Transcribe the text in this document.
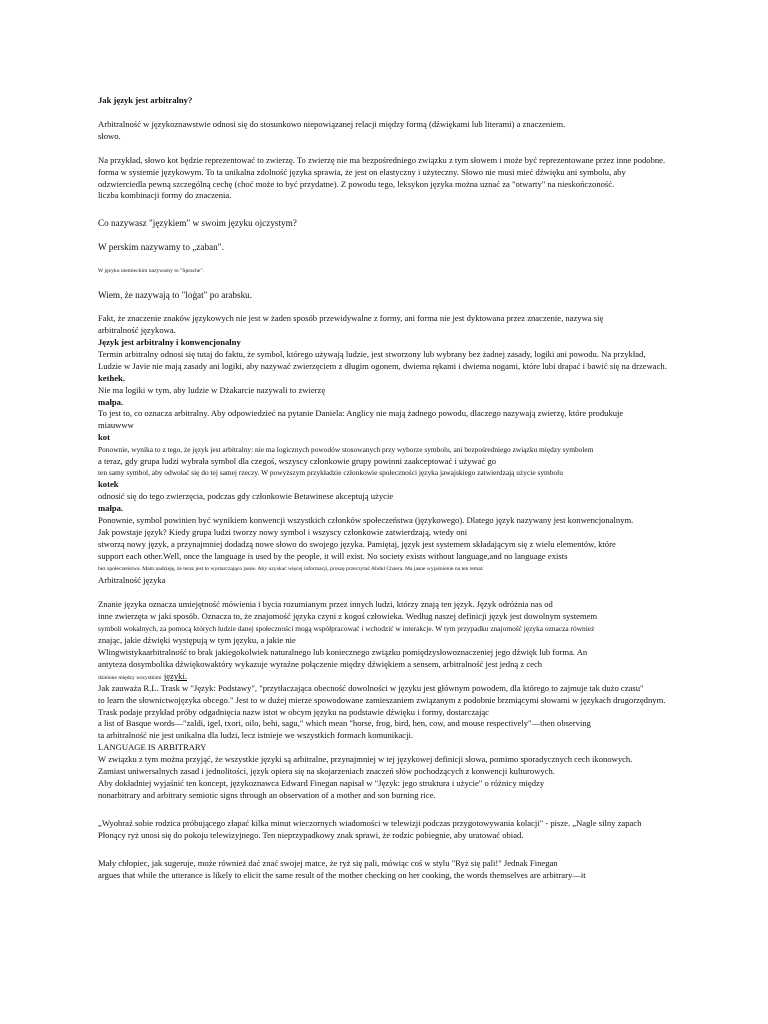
Jak język jest arbitralny?
Arbitralność w językoznawstwie odnosi się do stosunkowo niepowiązanej relacji między formą (dźwiękami lub literami) a znaczeniem.
słowo.
Na przykład, słowo kot będzie reprezentować to zwierzę. To zwierzę nie ma bezpośredniego związku z tym słowem i może być reprezentowane przez inne podobne.
forma w systemie językowym. To ta unikalna zdolność języka sprawia, że jest on elastyczny i użyteczny. Słowo nie musi mieć dźwięku ani symbolu, aby
odzwierciedla pewną szczególną cechę (choć może to być przydatne). Z powodu tego, leksykon języka można uznać za "otwarty" na nieskończoność.
liczba kombinacji formy do znaczenia.
Co nazywasz "językiem" w swoim języku ojczystym?
W perskim nazywamy to „zaban".
W języku niemieckim nazywamy to "Sprache".
Wiem, że nazywają to "loġat" po arabsku.
Fakt, że znaczenie znaków językowych nie jest w żaden sposób przewidywalne z formy, ani forma nie jest dyktowana przez znaczenie, nazywa się
arbitralność językowa.
Język jest arbitralny i konwencjonalny
Termin arbitralny odnosi się tutaj do faktu, że symbol, którego używają ludzie, jest stworzony lub wybrany bez żadnej zasady, logiki ani powodu. Na przykład,
Ludzie w Javie nie mają zasady ani logiki, aby nazywać zwierzęciem z długim ogonem, dwiema rękami i dwiema nogami, które lubi drapać i bawić się na drzewach.
kethek.
Nie ma logiki w tym, aby ludzie w Dżakarcie nazywali to zwierzę
małpa.
To jest to, co oznacza arbitralny. Aby odpowiedzieć na pytanie Daniela: Anglicy nie mają żadnego powodu, dlaczego nazywają zwierzę, które produkuje
miauwww
kot
Ponownie, wynika to z tego, że język jest arbitralny: nie ma logicznych powodów stosowanych przy wyborze symbolu, ani bezpośredniego związku między symbolem
a teraz, gdy grupa ludzi wybrała symbol dla czegoś, wszyscy członkowie grupy powinni zaakceptować i używać go
ten samy symbol, aby odwołać się do tej samej rzeczy. W powyższym przykładzie członkowie społeczności języka jawajskiego zatwierdzają użycie symbolu
kotek
odnosić się do tego zwierzęcia, podczas gdy członkowie Betawinese akceptują użycie
małpa.
Ponownie, symbol powinien być wynikiem konwencji wszystkich członków społeczeństwa (językowego). Dlatego język nazywany jest konwencjonalnym.
Jak powstaje język? Kiedy grupa ludzi tworzy nowy symbol i wszyscy członkowie zatwierdzają, wtedy oni
stworzą nowy język, a przynajmniej dodadzą nowe słowo do swojego języka. Pamiętaj, język jest systemem składającym się z wielu elementów, które
support each other.Well, once the language is used by the people, it will exist. No society exists without language,and no language exists
bez społeczeństwa. Mam nadzieję, że teraz jest to wystarczająco jasne. Aby uzyskać więcej informacji, proszę przeczytać Abdul Chaera. Ma jasne wyjaśnienie na ten temat.
Arbitralność języka
Znanie języka oznacza umiejętność mówienia i bycia rozumianym przez innych ludzi, którzy znają ten język. Język odróżnia nas od
inne zwierzęta w jaki sposób. Oznacza to, że znajomość języka czyni z kogoś człowieka. Według naszej definicji język jest dowolnym systemem
symboli wokalnych, za pomocą których ludzie danej społeczności mogą współpracować i wchodzić w interakcje. W tym przypadku znajomość języka oznacza również
znając, jakie dźwięki występują w tym języku, a jakie nie
Wlingwistykaarbitralność to brak jakiegokolwiek naturalnego lub koniecznego związku pomiędzysłowoznaczeniej jego dźwięk lub forma. An
antyteza dosymbolika dźwiękowaktóry wykazuje wyraźne połączenie między dźwiękiem a sensem, arbitralność jest jedną z cech
dzielone między wszystkimi języki.
Jak zauważa R.L. Trask w "Język: Podstawy", "przytłaczająca obecność dowolności w języku jest głównym powodem, dla którego to zajmuje tak dużo czasu"
to learn the słownictwojęzyka obcego." Jest to w dużej mierze spowodowane zamieszaniem związanym z podobnie brzmiącymi słowami w językach drugorzędnym.
Trask podaje przykład próby odgadnięcia nazw istot w obcym języku na podstawie dźwięku i formy, dostarczając
a list of Basque words—"zaldi, igel, txori, oilo, behi, sagu," which mean "horse, frog, bird, hen, cow, and mouse respectively"—then observing
ta arbitralność nie jest unikalna dla ludzi, lecz istnieje we wszystkich formach komunikacji.
LANGUAGE IS ARBITRARY
W związku z tym można przyjąć, że wszystkie języki są arbitralne, przynajmniej w tej językowej definicji słowa, pomimo sporadycznych cech ikonowych.
Zamiast uniwersalnych zasad i jednolitości, język opiera się na skojarzeniach znaczeń słów pochodzących z konwencji kulturowych.
Aby dokładniej wyjaśnić ten koncept, językoznawca Edward Finegan napisał w "Język: jego struktura i użycie" o różnicy między
nonarbitrary and arbitrary semiotic signs through an observation of a mother and son burning rice.
„Wyobraź sobie rodzica próbującego złapać kilka minut wieczornych wiadomości w telewizji podczas przygotowywania kolacji" - pisze. „Nagle silny zapach
Płonący ryż unosi się do pokoju telewizyjnego. Ten nieprzypadkowy znak sprawi, że rodzic pobiegnie, aby uratować obiad.
Mały chłopiec, jak sugeruje, może również dać znać swojej matce, że ryż się pali, mówiąc coś w stylu "Ryż się pali!" Jednak Finegan
argues that while the utterance is likely to elicit the same result of the mother checking on her cooking, the words themselves are arbitrary—it
